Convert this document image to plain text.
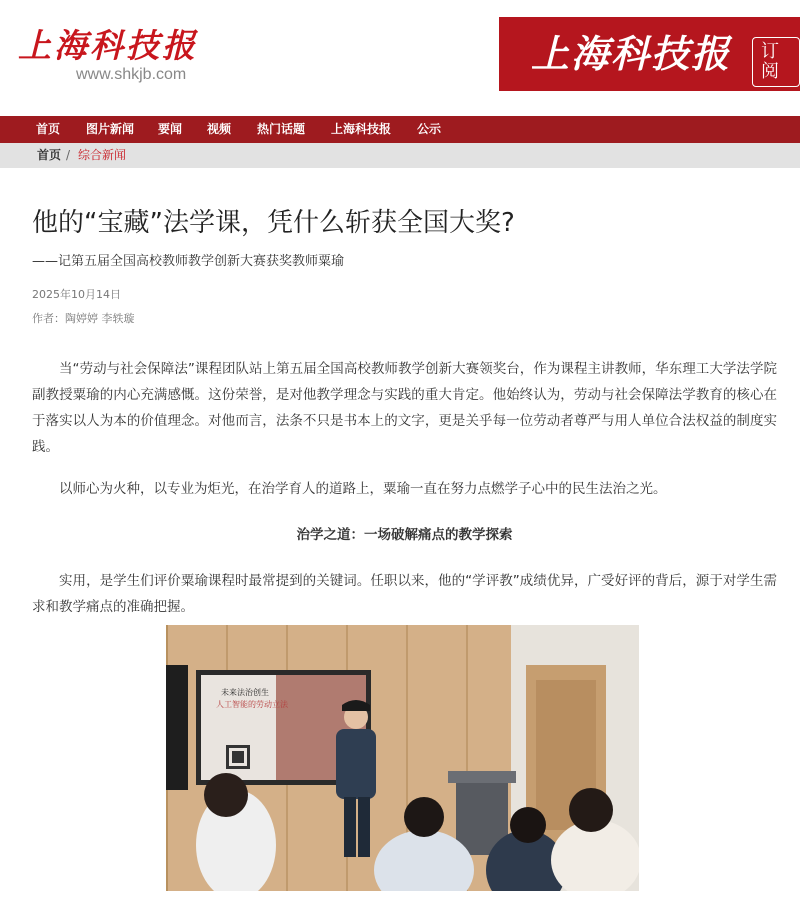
上海科技报
www.shkjb.com	上海科技报	订阅
首页 图片新闻 要闻 视频 热门话题 上海科技报 公示
首页 / 综合新闻
他的“宝藏”法学课，凭什么斩获全国大奖?
——记第五届全国高校教师教学创新大赛获奖教师粟瑜
2025年10月14日
作者：陶婷婷 李轶璇

当“劳动与社会保障法”课程团队站上第五届全国高校教师教学创新大赛领奖台，作为课程主讲教师，华东理工大学法学院副教授粟瑜的内心充满感慨。这份荣誉，是对他教学理念与实践的重大肯定。他始终认为，劳动与社会保障法学教育的核心在于落实以人为本的价值理念。对他而言，法条不只是书本上的文字，更是关乎每一位劳动者尊严与用人单位合法权益的制度实践。

以师心为火种，以专业为炬光，在治学育人的道路上，粟瑜一直在努力点燃学子心中的民生法治之光。

治学之道：一场破解痛点的教学探索

实用，是学生们评价粟瑜课程时最常提到的关键词。任职以来，他的“学评教”成绩优异，广受好评的背后，源于对学生需求和教学痛点的准确把握。

未来法治创生
人工智能的劳动立法
